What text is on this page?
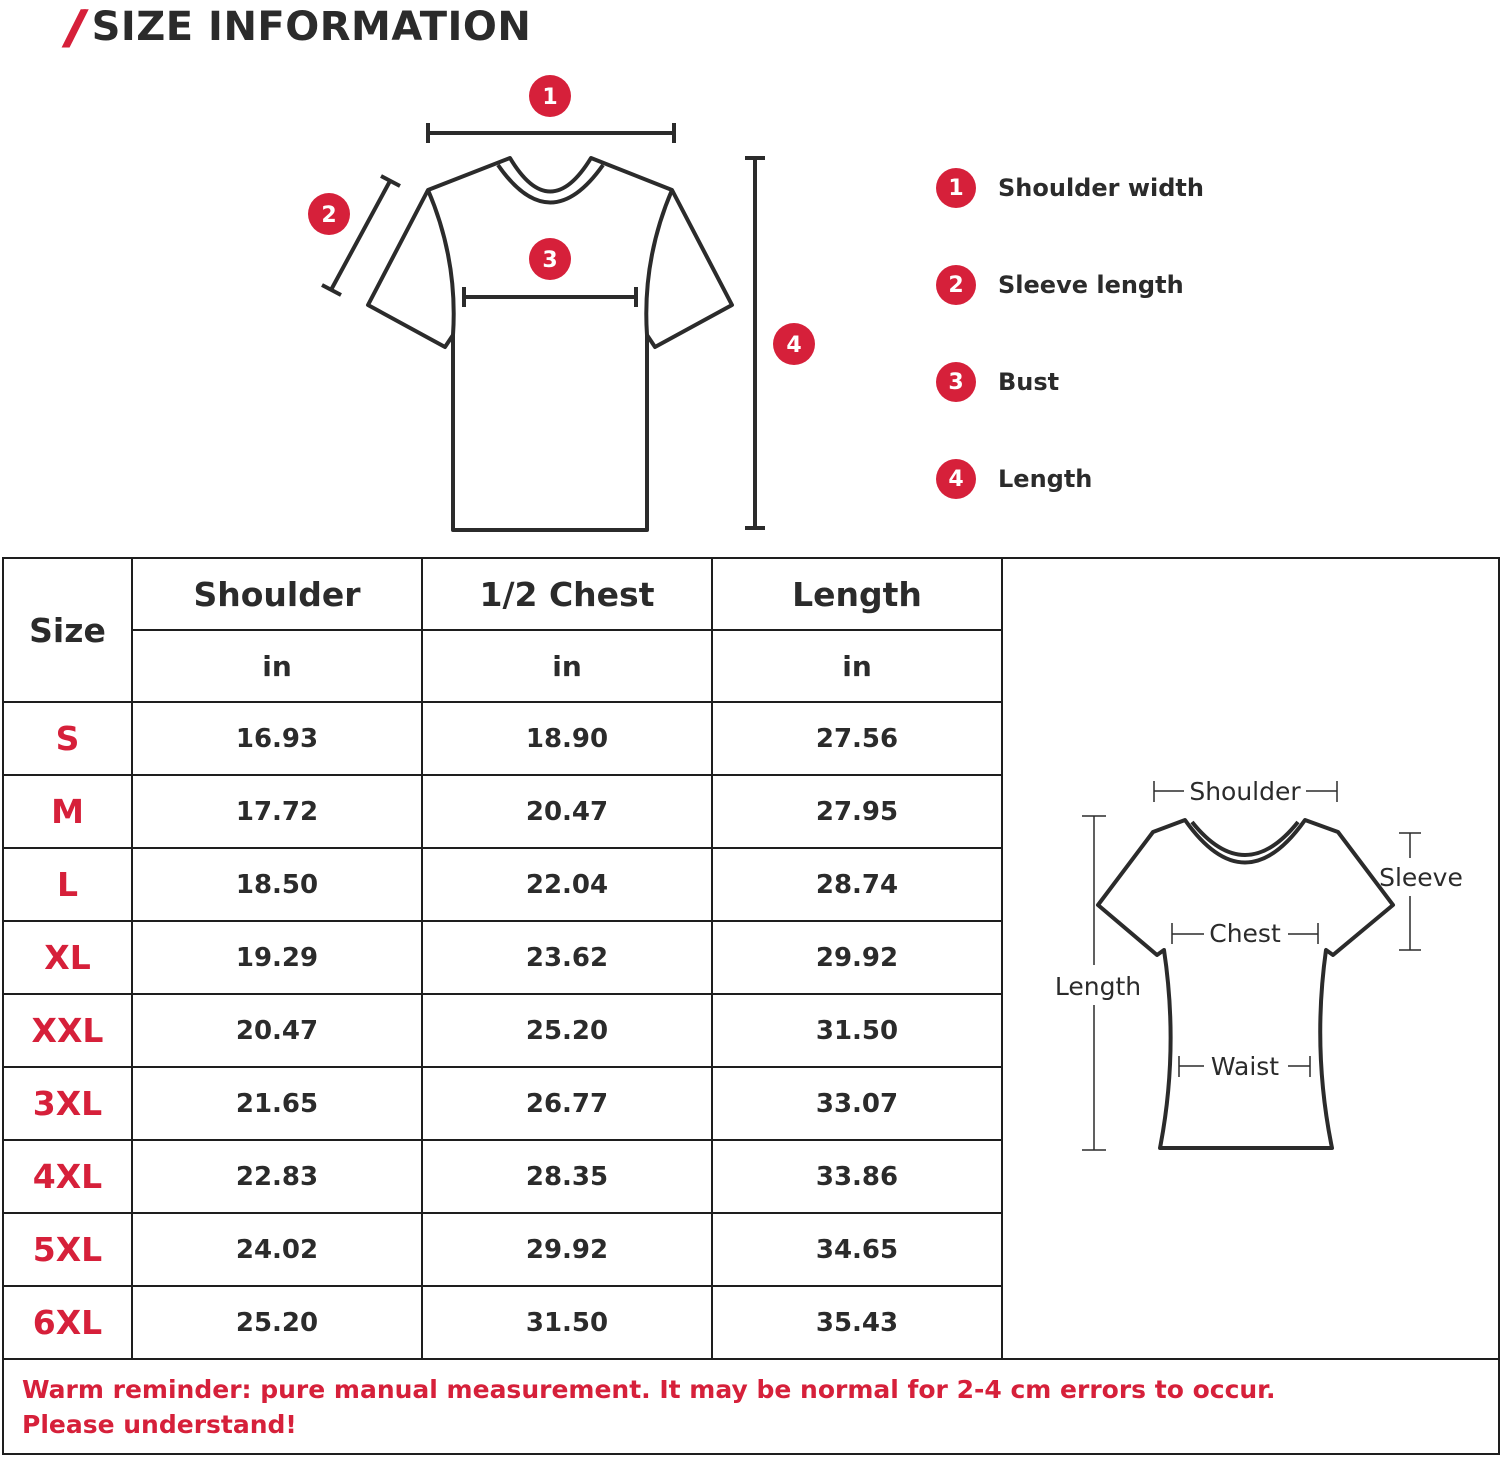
// SIZE INFORMATION
1
2
3
4
1	Shoulder width
2	Sleeve length
3	Bust
4	Length
Size	Shoulder	1/2 Chest	Length	
	in	in	in	
S	16.93	18.90	27.56	
M	17.72	20.47	27.95	
L	18.50	22.04	28.74	
XL	19.29	23.62	29.92	
XXL	20.47	25.20	31.50	
3XL	21.65	26.77	33.07	
4XL	22.83	28.35	33.86	
5XL	24.02	29.92	34.65	
6XL	25.20	31.50	35.43	

Warm reminder: pure manual measurement. It may be normal for 2-4 cm errors to occur.
Please understand!				
Shoulder
Sleeve
Chest
Length
Waist
